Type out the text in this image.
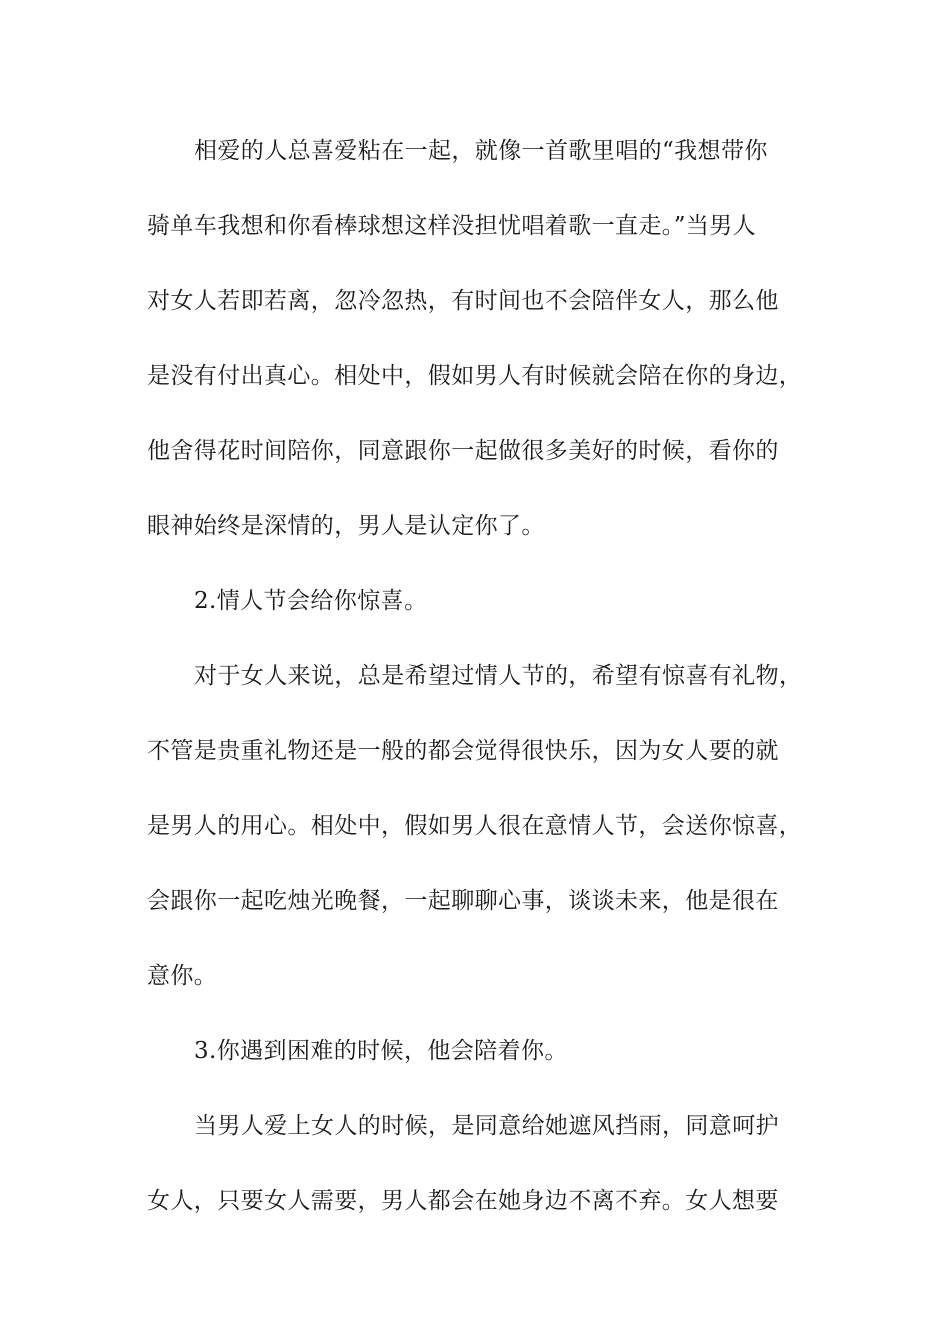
相爱的人总喜爱粘在一起，就像一首歌里唱的“我想带你
骑单车我想和你看棒球想这样没担忧唱着歌一直走。”当男人
对女人若即若离，忽冷忽热，有时间也不会陪伴女人，那么他
是没有付出真心。相处中，假如男人有时候就会陪在你的身边，
他舍得花时间陪你，同意跟你一起做很多美好的时候，看你的
眼神始终是深情的，男人是认定你了。
2.情人节会给你惊喜。
对于女人来说，总是希望过情人节的，希望有惊喜有礼物，
不管是贵重礼物还是一般的都会觉得很快乐，因为女人要的就
是男人的用心。相处中，假如男人很在意情人节，会送你惊喜，
会跟你一起吃烛光晚餐，一起聊聊心事，谈谈未来，他是很在
意你。
3.你遇到困难的时候，他会陪着你。
当男人爱上女人的时候，是同意给她遮风挡雨，同意呵护
女人，只要女人需要，男人都会在她身边不离不弃。女人想要
